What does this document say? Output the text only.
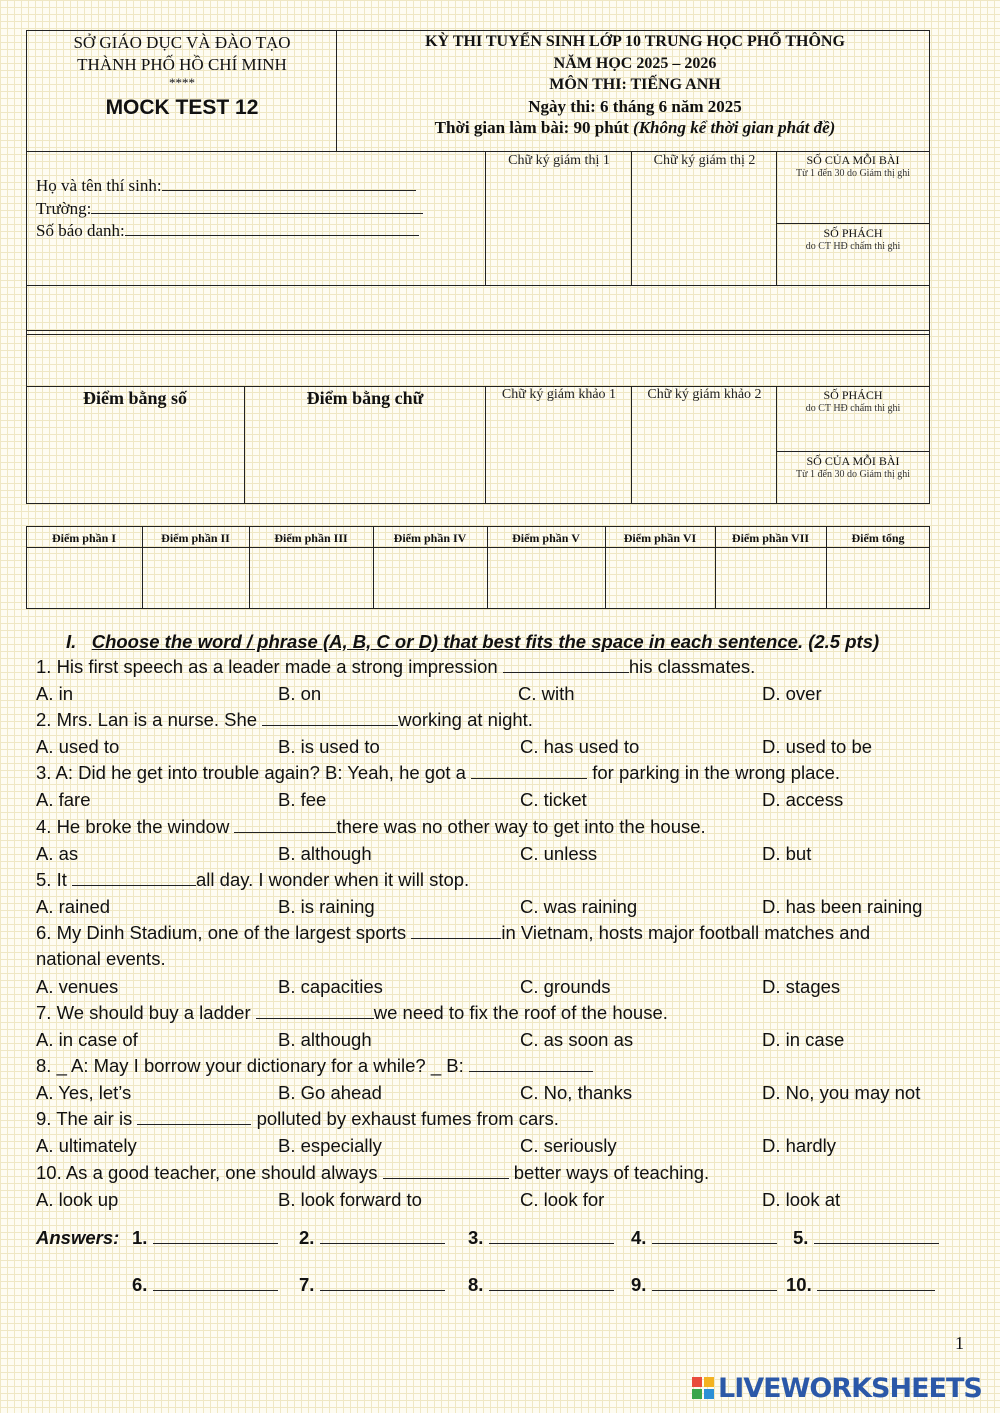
SỞ GIÁO DỤC VÀ ĐÀO TẠO
THÀNH PHỐ HỒ CHÍ MINH
****
MOCK TEST 12
KỲ THI TUYỂN SINH LỚP 10 TRUNG HỌC PHỔ THÔNG
NĂM HỌC 2025 – 2026
MÔN THI: TIẾNG ANH
Ngày thi: 6 tháng 6 năm 2025
Thời gian làm bài: 90 phút (Không kể thời gian phát đề)
Họ và tên thí sinh:
Trường:
Số báo danh:
Chữ ký giám thị 1	Chữ ký giám thị 2	SỐ CỦA MỖI BÀI
Từ 1 đến 30 do Giám thị ghi
SỐ PHÁCH
do CT HĐ chấm thi ghi
Điểm bằng số	Điểm bằng chữ	Chữ ký giám khảo 1	Chữ ký giám khảo 2	SỐ PHÁCH
do CT HĐ chấm thi ghi
SỐ CỦA MỖI BÀI
Từ 1 đến 30 do Giám thị ghi
Điểm phần I	Điểm phần II	Điểm phần III	Điểm phần IV	Điểm phần V	Điểm phần VI	Điểm phần VII	Điểm tổng
I. Choose the word / phrase (A, B, C or D) that best fits the space in each sentence. (2.5 pts)
1. His first speech as a leader made a strong impression	his classmates.
A. in	B. on	C. with	D. over
2. Mrs. Lan is a nurse. She	working at night.
A. used to	B. is used to	C. has used to	D. used to be
3. A: Did he get into trouble again? B: Yeah, he got a	for parking in the wrong place.
A. fare	B. fee	C. ticket	D. access
4. He broke the window	there was no other way to get into the house.
A. as	B. although	C. unless	D. but
5. It	all day. I wonder when it will stop.
A. rained	B. is raining	C. was raining	D. has been raining
6. My Dinh Stadium, one of the largest sports	in Vietnam, hosts major football matches and
national events.
A. venues	B. capacities	C. grounds	D. stages
7. We should buy a ladder	we need to fix the roof of the house.
A. in case of	B. although	C. as soon as	D. in case
8. _ A: May I borrow your dictionary for a while? _ B:
A. Yes, let’s	B. Go ahead	C. No, thanks	D. No, you may not
9. The air is	polluted by exhaust fumes from cars.
A. ultimately	B. especially	C. seriously	D. hardly
10. As a good teacher, one should always	better ways of teaching.
A. look up	B. look forward to	C. look for	D. look at
Answers: 1.	2.	3.	4.	5.
6.	7.	8.	9.	10.
1
LIVEWORKSHEETS
